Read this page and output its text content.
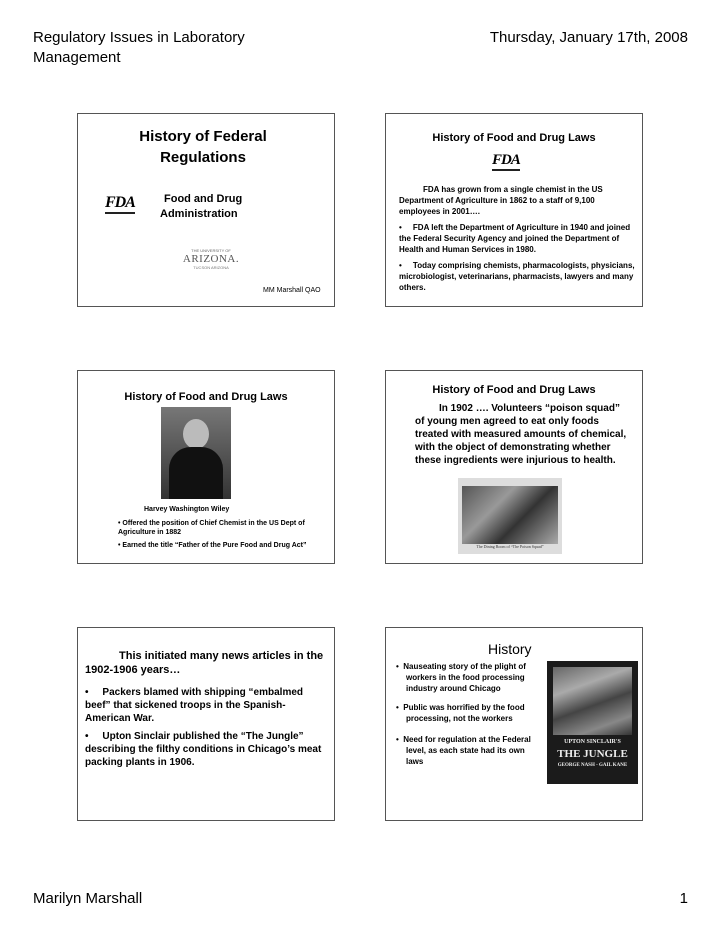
Regulatory Issues in Laboratory
Management
Thursday, January 17th, 2008
History of Federal
Regulations
FDA	Food and Drug
Administration
THE UNIVERSITY OF
ARIZONA.
TUCSON ARIZONA
MM Marshall QAO
History of Food and Drug Laws
FDA
FDA has grown from a single chemist in the US Department of Agriculture in 1862 to a staff of 9,100 employees in 2001….
•     FDA left the Department of Agriculture in 1940 and joined the Federal Security Agency and joined the Department of Health and Human Services in 1980.
•     Today comprising chemists, pharmacologists, physicians, microbiologist, veterinarians, pharmacists, lawyers and many others.
History of Food and Drug Laws
Harvey Washington Wiley
• Offered the position of Chief Chemist in the US Dept of Agriculture in 1882
• Earned the title “Father of the Pure Food and Drug Act”
History of Food and Drug Laws
In 1902 …. Volunteers “poison squad” of young men agreed to eat only foods treated with measured amounts of chemical, with the object of demonstrating whether these ingredients were injurious to health.
The Dining Room of “The Poison Squad”
This initiated many news articles in the 1902-1906 years…
•     Packers blamed with shipping “embalmed beef” that sickened troops in the Spanish-American War.
•     Upton Sinclair published the “The Jungle” describing the filthy conditions in Chicago’s meat packing plants in 1906.
History
•  Nauseating story of the plight of workers in the food processing industry around Chicago
•  Public was horrified by the food processing, not the workers
•  Need for regulation at the Federal level, as each state had its own laws
UPTON SINCLAIR'S
THE JUNGLE
GEORGE NASH - GAIL KANE
Marilyn Marshall	1
